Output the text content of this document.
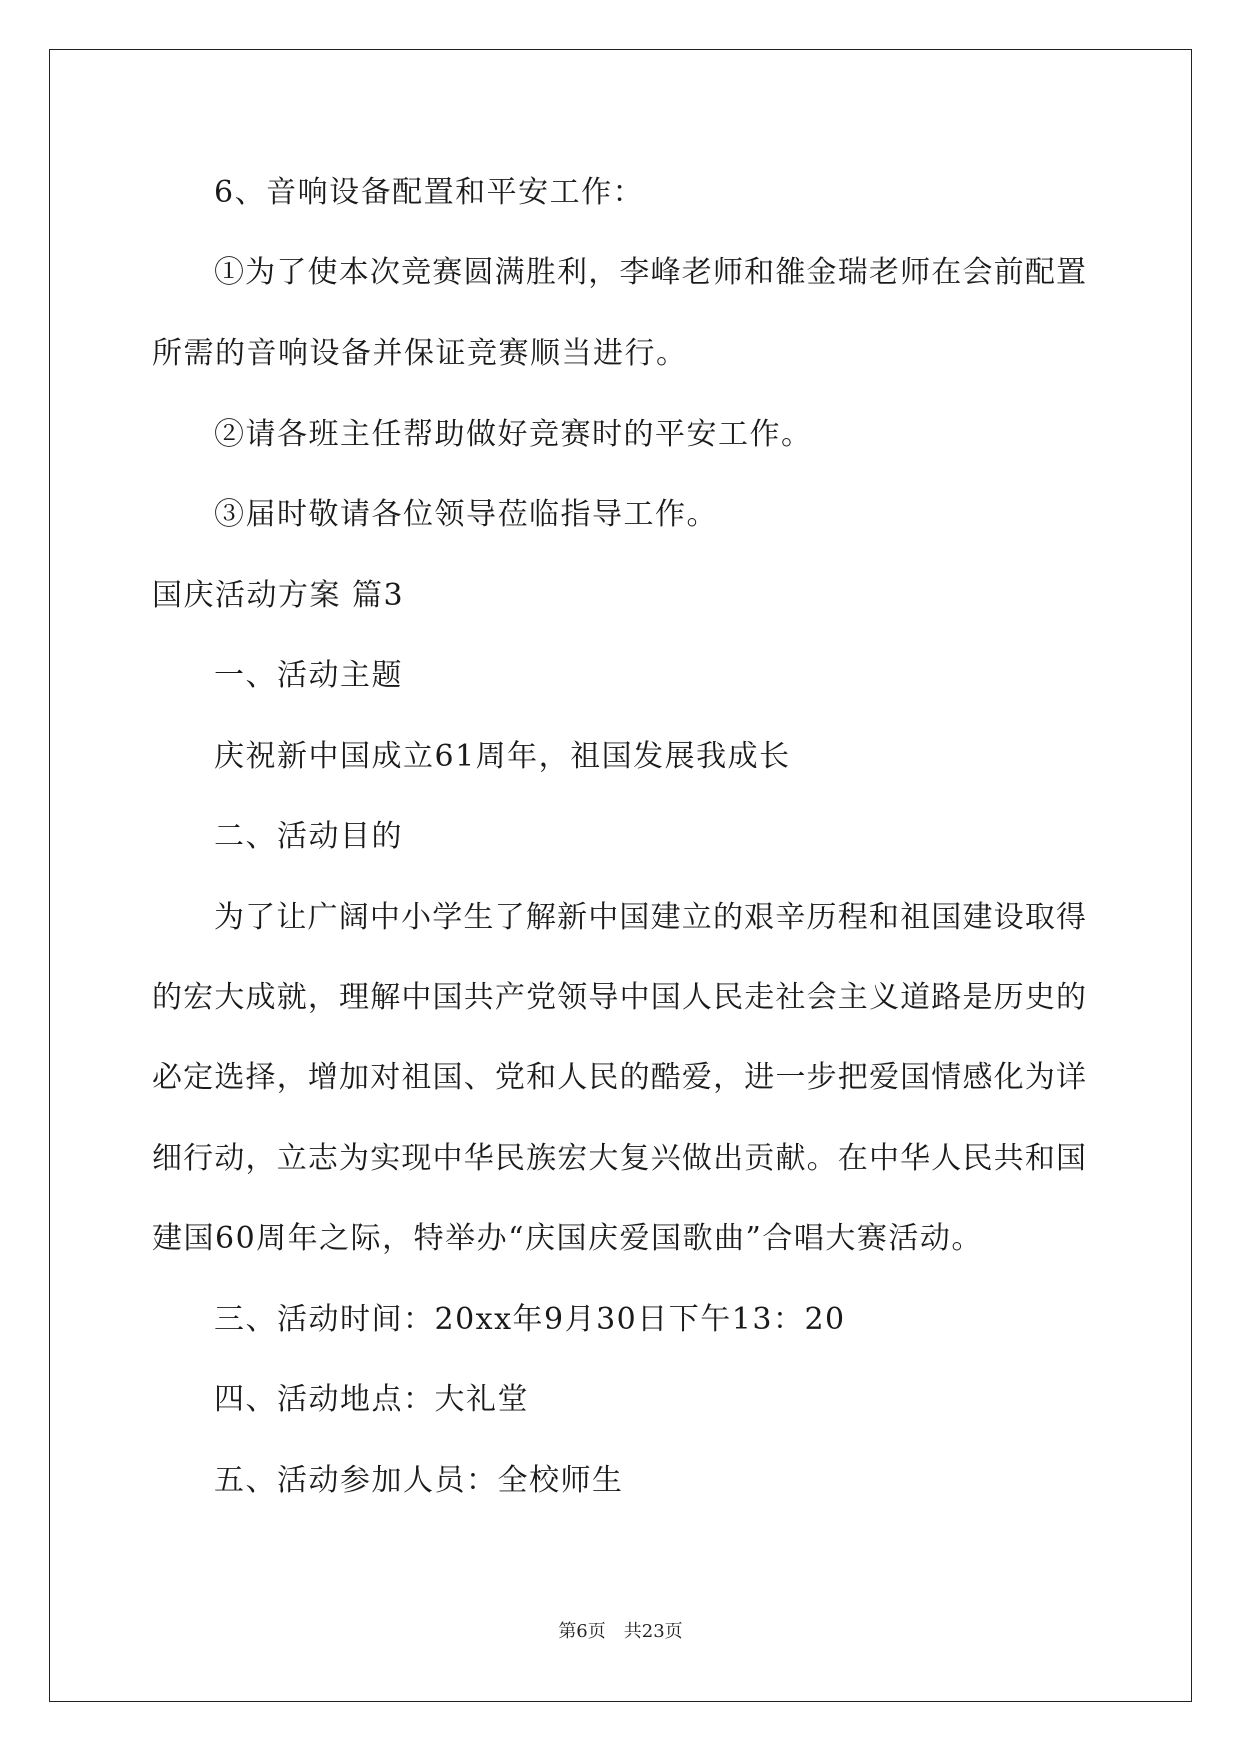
6、音响设备配置和平安工作：
①为了使本次竞赛圆满胜利，李峰老师和雒金瑞老师在会前配置
所需的音响设备并保证竞赛顺当进行。
②请各班主任帮助做好竞赛时的平安工作。
③届时敬请各位领导莅临指导工作。
国庆活动方案 篇3
一、活动主题
庆祝新中国成立61周年，祖国发展我成长
二、活动目的
为了让广阔中小学生了解新中国建立的艰辛历程和祖国建设取得
的宏大成就，理解中国共产党领导中国人民走社会主义道路是历史的
必定选择，增加对祖国、党和人民的酷爱，进一步把爱国情感化为详
细行动，立志为实现中华民族宏大复兴做出贡献。在中华人民共和国
建国60周年之际，特举办“庆国庆爱国歌曲”合唱大赛活动。
三、活动时间：20xx年9月30日下午13：20
四、活动地点：大礼堂
五、活动参加人员：全校师生
第6页 共23页
